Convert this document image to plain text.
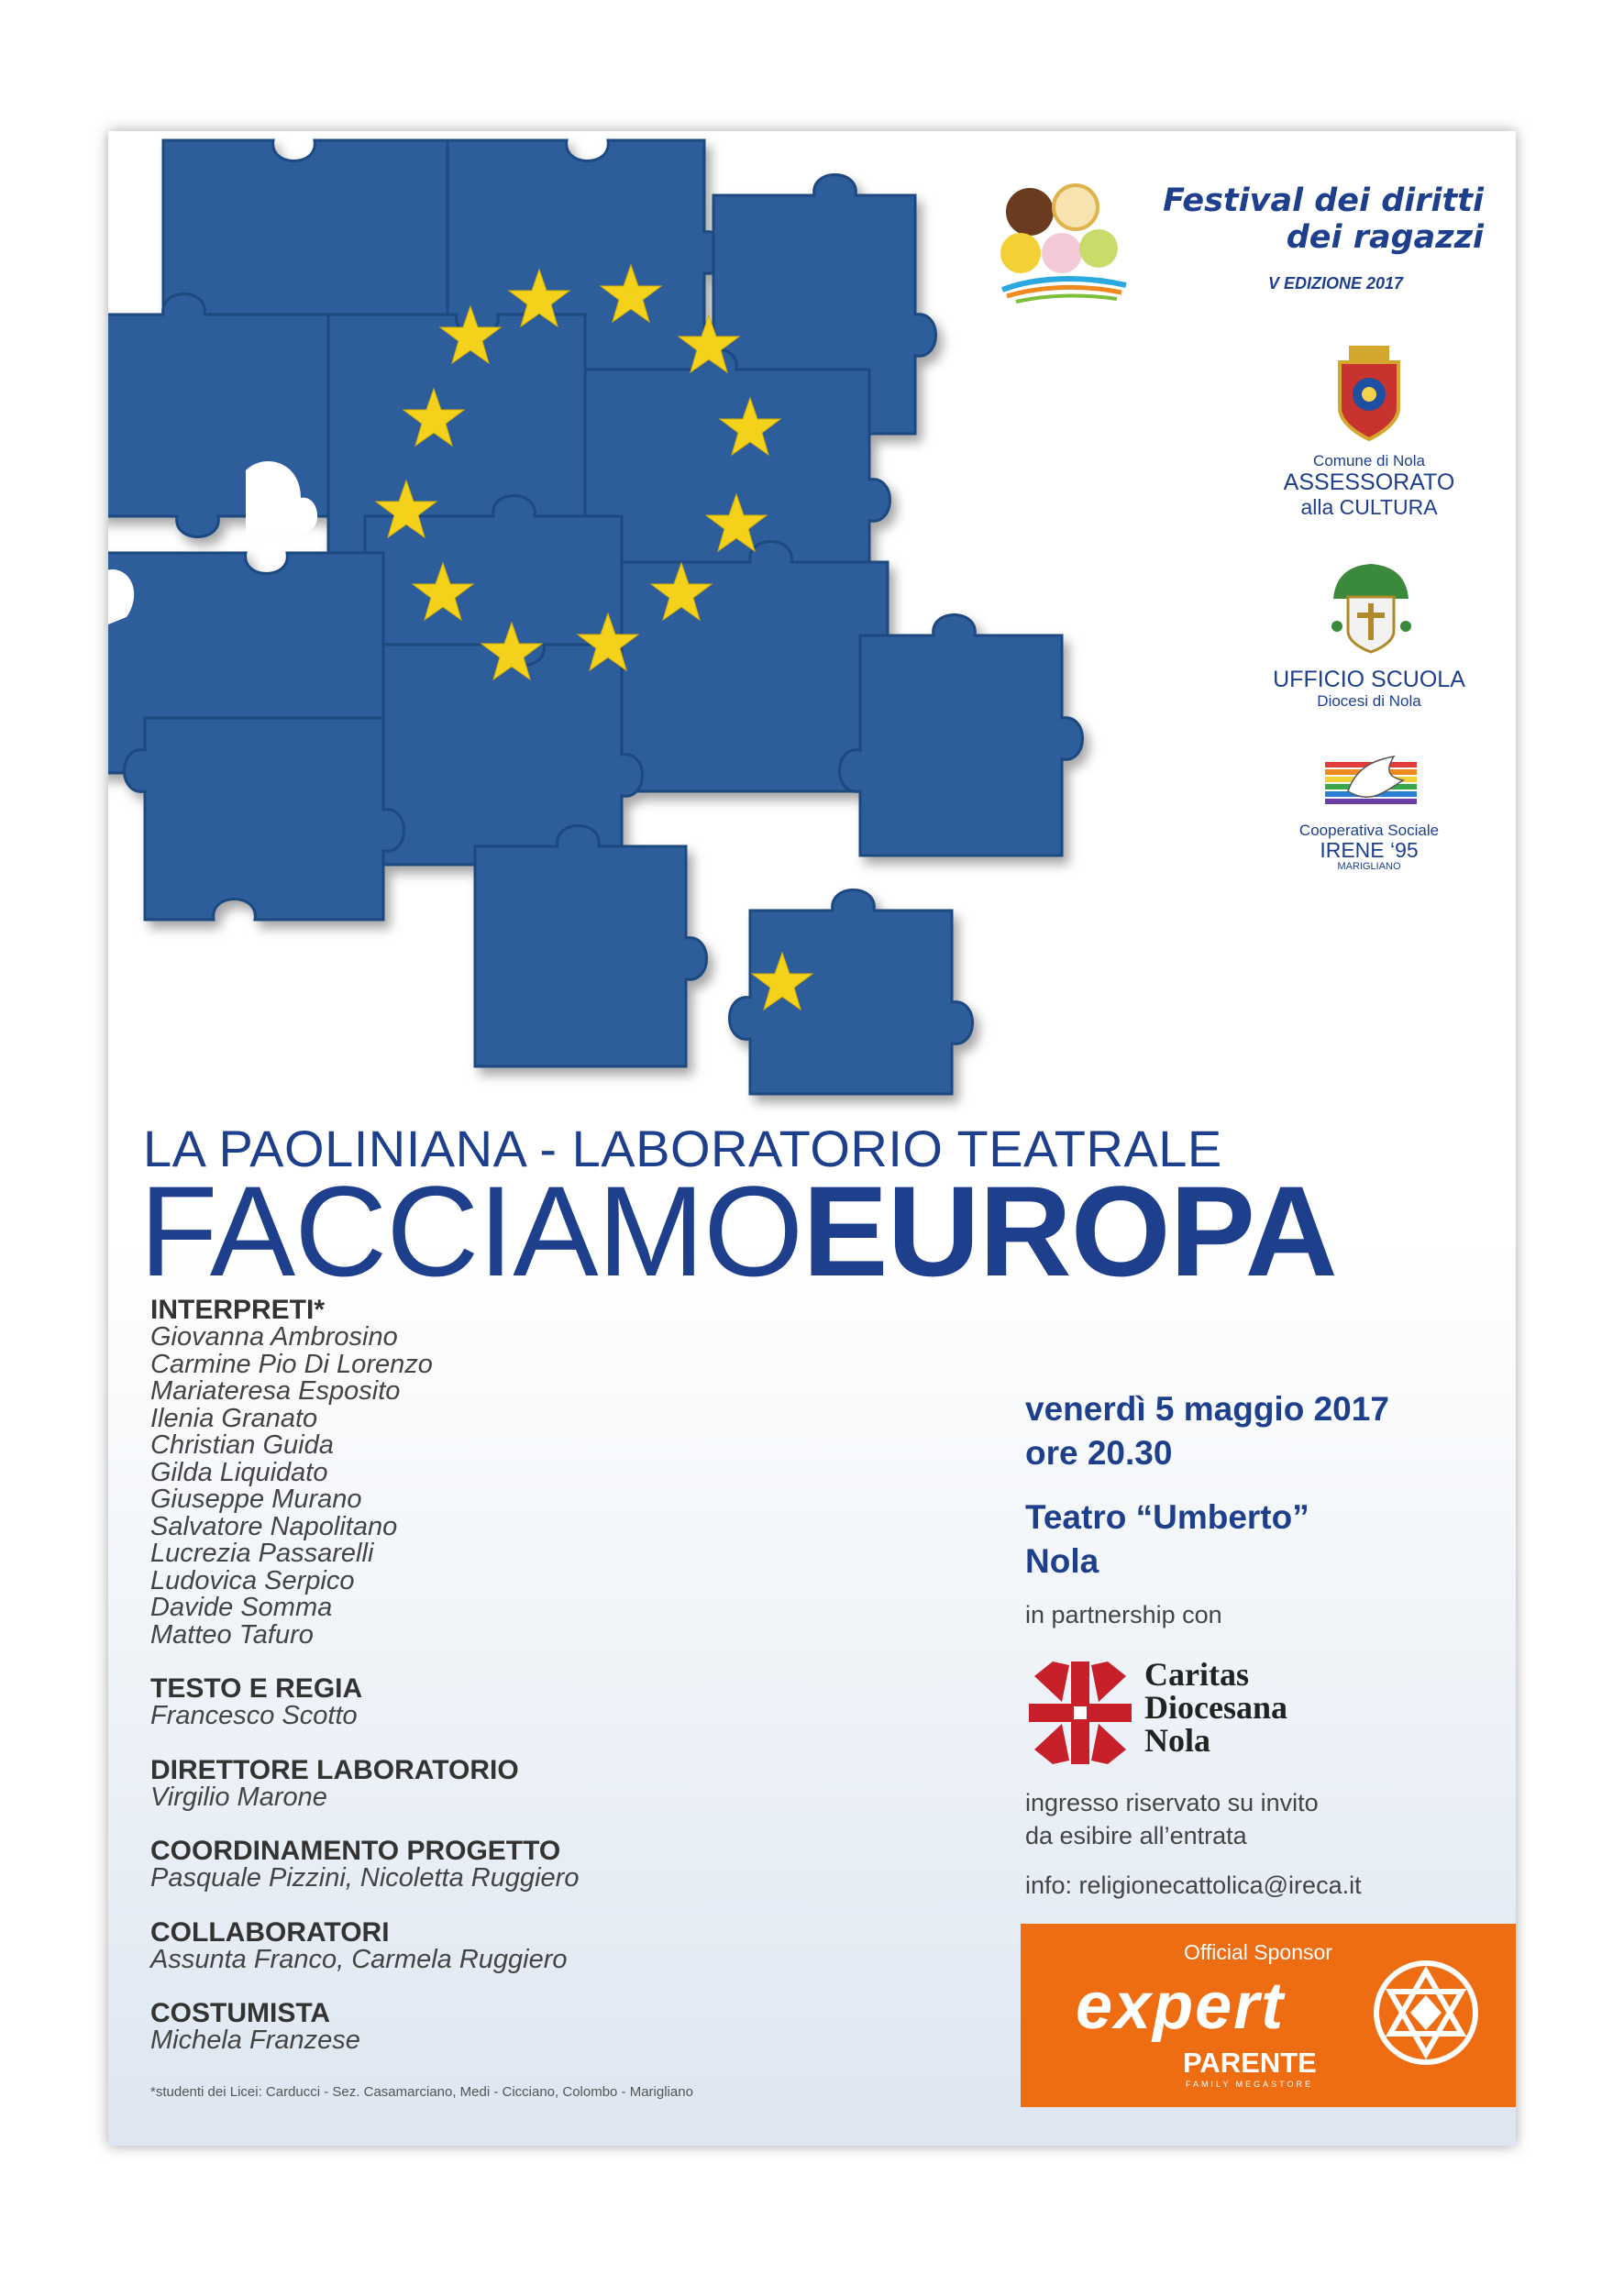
Festival dei diritti
dei ragazzi
V EDIZIONE 2017
Comune di Nola
ASSESSORATO
alla CULTURA
UFFICIO SCUOLA
Diocesi di Nola
Cooperativa Sociale
IRENE ‘95
MARIGLIANO
LA PAOLINIANA - LABORATORIO TEATRALE
FACCIAMOEUROPA

INTERPRETI*

Giovanna Ambrosino

Carmine Pio Di Lorenzo

Mariateresa Esposito

Ilenia Granato

Christian Guida

Gilda Liquidato

Giuseppe Murano

Salvatore Napolitano

Lucrezia Passarelli

Ludovica Serpico

Davide Somma

Matteo Tafuro

TESTO E REGIA

Francesco Scotto

DIRETTORE LABORATORIO

Virgilio Marone

COORDINAMENTO PROGETTO

Pasquale Pizzini, Nicoletta Ruggiero

COLLABORATORI

Assunta Franco, Carmela Ruggiero

COSTUMISTA

Michela Franzese

*studenti dei Licei: Carducci - Sez. Casamarciano, Medi - Cicciano, Colombo - Marigliano

venerdì 5 maggio 2017

ore 20.30

Teatro “Umberto”

Nola

in partnership con

Caritas
Diocesana
Nola

ingresso riservato su invito

da esibire all’entrata

info: religionecattolica@ireca.it

Official Sponsor
expert
PARENTE
FAMILY MEGASTORE
